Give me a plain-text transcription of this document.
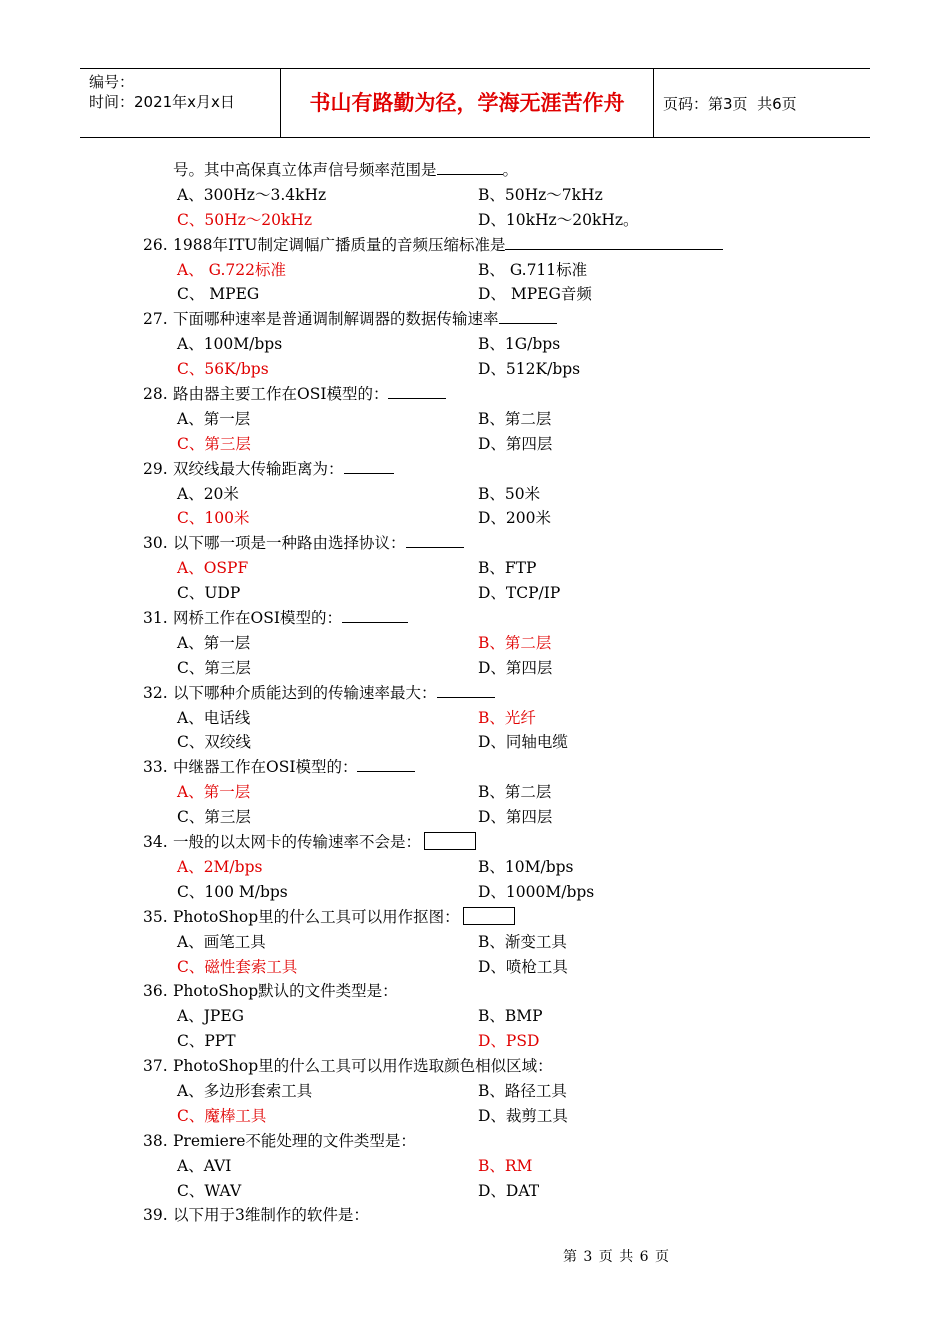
编号：
时间：2021年x月x日	书山有路勤为径，学海无涯苦作舟	页码：第3页  共6页
号。其中高保真立体声信号频率范围是	。
A、300Hz～3.4kHz	B、50Hz～7kHz
C、50Hz～20kHz	D、10kHz～20kHz。
26. 1988年ITU制定调幅广播质量的音频压缩标准是
A、 G.722标准	B、 G.711标准
C、 MPEG	D、 MPEG音频
27. 下面哪种速率是普通调制解调器的数据传输速率
A、100M/bps	B、1G/bps
C、56K/bps	D、512K/bps
28. 路由器主要工作在OSI模型的：
A、第一层	B、第二层
C、第三层	D、第四层
29. 双绞线最大传输距离为：
A、20米	B、50米
C、100米	D、200米
30. 以下哪一项是一种路由选择协议：
A、OSPF	B、FTP
C、UDP	D、TCP/IP
31. 网桥工作在OSI模型的：
A、第一层	B、第二层
C、第三层	D、第四层
32. 以下哪种介质能达到的传输速率最大：
A、电话线	B、光纤
C、双绞线	D、同轴电缆
33. 中继器工作在OSI模型的：
A、第一层	B、第二层
C、第三层	D、第四层
34. 一般的以太网卡的传输速率不会是：
A、2M/bps	B、10M/bps
C、100 M/bps	D、1000M/bps
35. PhotoShop里的什么工具可以用作抠图：
A、画笔工具	B、渐变工具
C、磁性套索工具	D、喷枪工具
36. PhotoShop默认的文件类型是：
A、JPEG	B、BMP
C、PPT	D、PSD
37. PhotoShop里的什么工具可以用作选取颜色相似区域：
A、多边形套索工具	B、路径工具
C、魔棒工具	D、裁剪工具
38. Premiere不能处理的文件类型是：
A、AVI	B、RM
C、WAV	D、DAT
39. 以下用于3维制作的软件是：
第 3 页 共 6 页
